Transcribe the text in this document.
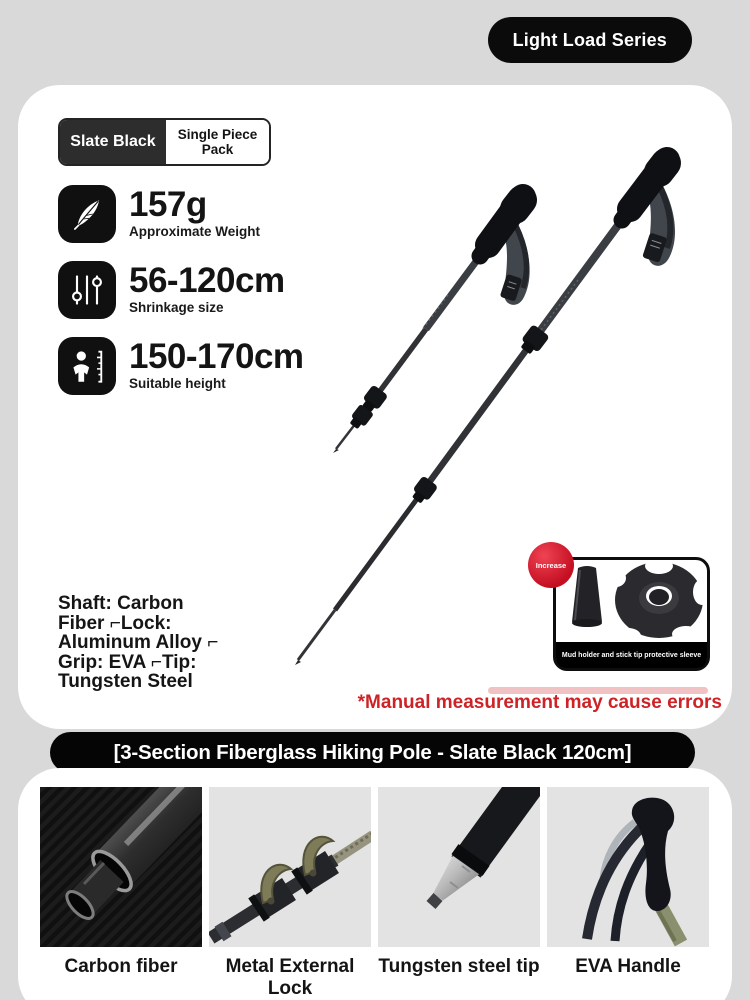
Light Load Series
Slate Black	Single Piece Pack
157g
Approximate Weight
56-120cm
Shrinkage size
150-170cm
Suitable height
Shaft: Carbon
Fiber ⌐Lock:
Aluminum Alloy ⌐
Grip: EVA ⌐Tip:
Tungsten Steel
Increase
Mud holder and stick tip protective sleeve
*Manual measurement may cause errors
[3-Section Fiberglass Hiking Pole - Slate Black 120cm]
Carbon fiber	Metal External Lock
Tungsten steel tip	EVA Handle
